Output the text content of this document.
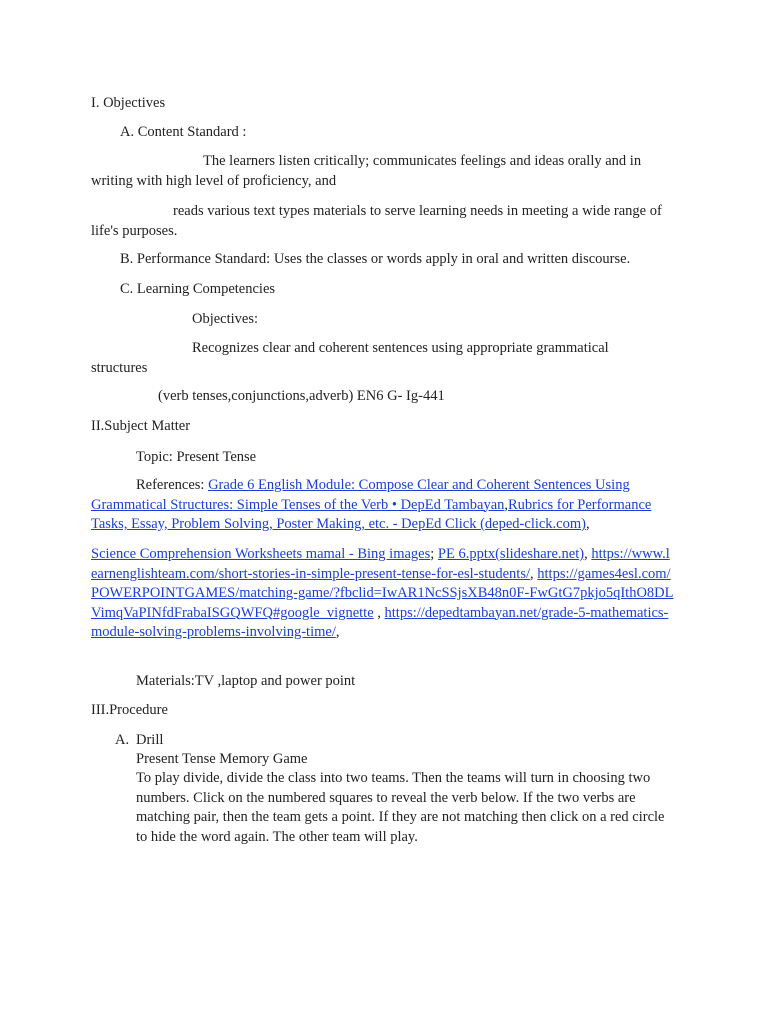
I. Objectives
A. Content Standard :
The learners listen critically; communicates feelings and ideas orally and in writing with high level of proficiency, and
reads various text types materials to serve learning needs in meeting a wide range of life's purposes.
B. Performance Standard: Uses the classes or words apply in oral and written discourse.
C. Learning Competencies
Objectives:
Recognizes clear and coherent sentences using appropriate grammatical structures
(verb tenses,conjunctions,adverb) EN6 G- Ig-441
II.Subject Matter
Topic: Present Tense
References: Grade 6 English Module: Compose Clear and Coherent Sentences Using Grammatical Structures: Simple Tenses of the Verb • DepEd Tambayan,Rubrics for Performance Tasks, Essay, Problem Solving, Poster Making, etc. - DepEd Click (deped-click.com),
Science Comprehension Worksheets mamal - Bing images; PE 6.pptx(slideshare.net), https://www.learnenglishteam.com/short-stories-in-simple-present-tense-for-esl-students/, https://games4esl.com/POWERPOINTGAMES/matching-game/?fbclid=IwAR1NcSSjsXB48n0F-FwGtG7pkjo5qIthO8DLVimqVaPINfdFrabaISGQWFQ#google_vignette , https://depedtambayan.net/grade-5-mathematics-module-solving-problems-involving-time/,
Materials:TV ,laptop and power point
III.Procedure
A. Drill
Present Tense Memory Game
To play divide, divide the class into two teams. Then the teams will turn in choosing two numbers. Click on the numbered squares to reveal the verb below. If the two verbs are matching pair, then the team gets a point. If they are not matching then click on a red circle to hide the word again. The other team will play.
